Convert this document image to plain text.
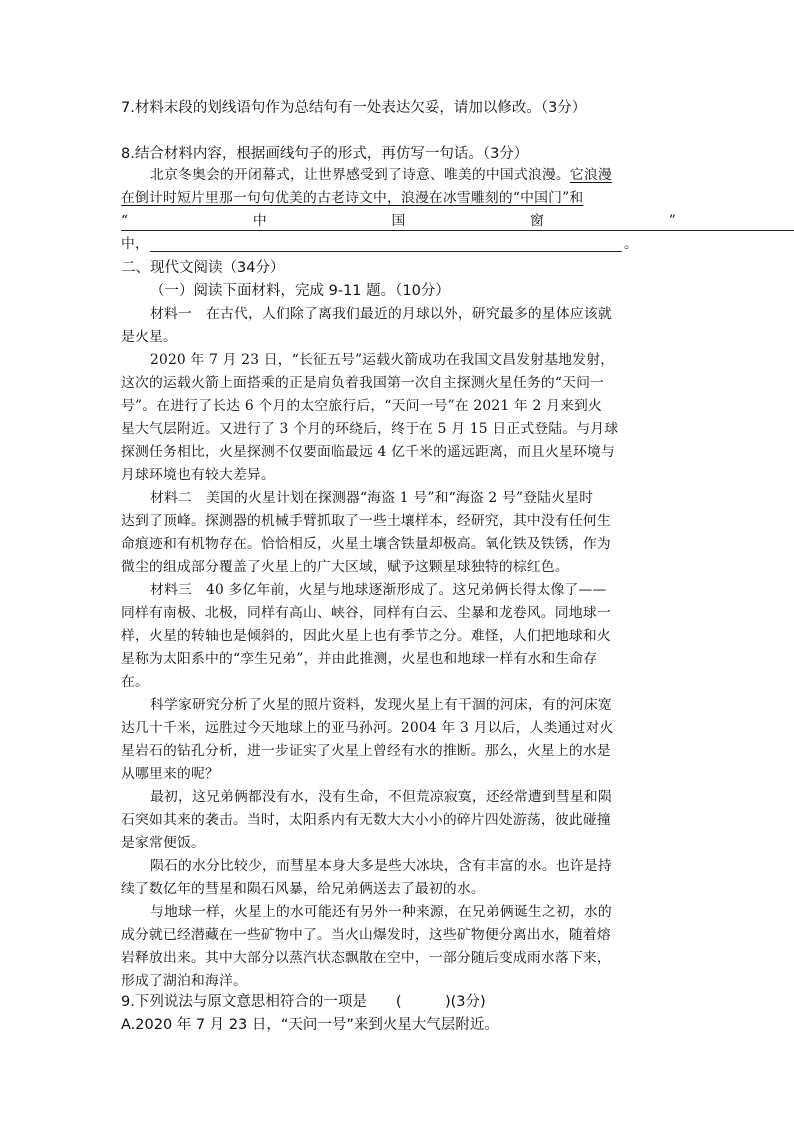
7.材料末段的划线语句作为总结句有一处表达欠妥，请加以修改。（3分）
8.结合材料内容，根据画线句子的形式，再仿写一句话。（3分）
北京冬奥会的开闭幕式，让世界感受到了诗意、唯美的中国式浪漫。它浪漫
在倒计时短片里那一句句优美的古老诗文中，浪漫在冰雪雕刻的“中国门”和
“	中	国	窗	”
中，	。
二、现代文阅读（34分）
（一）阅读下面材料，完成 9-11 题。（10分）
材料一　在古代，人们除了离我们最近的月球以外，研究最多的星体应该就
是火星。
2020 年 7 月 23 日，“长征五号”运载火箭成功在我国文昌发射基地发射，
这次的运载火箭上面搭乘的正是肩负着我国第一次自主探测火星任务的“天问一
号”。在进行了长达 6 个月的太空旅行后，“天问一号”在 2021 年 2 月来到火
星大气层附近。又进行了 3 个月的环绕后，终于在 5 月 15 日正式登陆。与月球
探测任务相比，火星探测不仅要面临最远 4 亿千米的遥远距离，而且火星环境与
月球环境也有较大差异。
材料二　美国的火星计划在探测器“海盗 1 号”和“海盗 2 号”登陆火星时
达到了顶峰。探测器的机械手臂抓取了一些土壤样本，经研究，其中没有任何生
命痕迹和有机物存在。恰恰相反，火星土壤含铁量却极高。氧化铁及铁锈，作为
微尘的组成部分覆盖了火星上的广大区域，赋予这颗星球独特的棕红色。
材料三　40 多亿年前，火星与地球逐渐形成了。这兄弟俩长得太像了——
同样有南极、北极，同样有高山、峡谷，同样有白云、尘暴和龙卷风。同地球一
样，火星的转轴也是倾斜的，因此火星上也有季节之分。难怪，人们把地球和火
星称为太阳系中的“孪生兄弟”，并由此推测，火星也和地球一样有水和生命存
在。
科学家研究分析了火星的照片资料，发现火星上有干涸的河床，有的河床宽
达几十千米，远胜过今天地球上的亚马孙河。2004 年 3 月以后，人类通过对火
星岩石的钻孔分析，进一步证实了火星上曾经有水的推断。那么，火星上的水是
从哪里来的呢？
最初，这兄弟俩都没有水，没有生命，不但荒凉寂寞，还经常遭到彗星和陨
石突如其来的袭击。当时，太阳系内有无数大大小小的碎片四处游荡，彼此碰撞
是家常便饭。
陨石的水分比较少，而彗星本身大多是些大冰块，含有丰富的水。也许是持
续了数亿年的彗星和陨石风暴，给兄弟俩送去了最初的水。
与地球一样，火星上的水可能还有另外一种来源，在兄弟俩诞生之初，水的
成分就已经潜藏在一些矿物中了。当火山爆发时，这些矿物便分离出水，随着熔
岩释放出来。其中大部分以蒸汽状态飘散在空中，一部分随后变成雨水落下来，
形成了湖泊和海洋。
9.下列说法与原文意思相符合的一项是　　(　　　)(3分)
A.2020 年 7 月 23 日，“天问一号”来到火星大气层附近。
